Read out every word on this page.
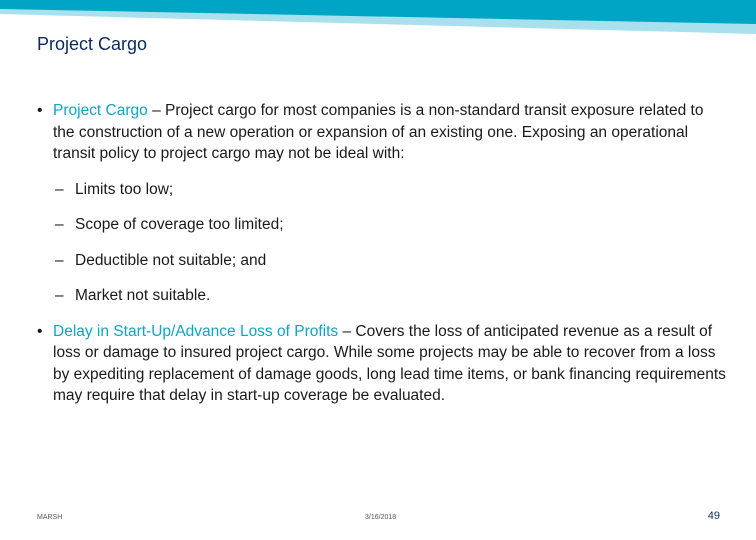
Project Cargo
• Project Cargo – Project cargo for most companies is a non-standard transit exposure related to the construction of a new operation or expansion of an existing one. Exposing an operational transit policy to project cargo may not be ideal with:
– Limits too low;
– Scope of coverage too limited;
– Deductible not suitable; and
– Market not suitable.
• Delay in Start-Up/Advance Loss of Profits – Covers the loss of anticipated revenue as a result of loss or damage to insured project cargo. While some projects may be able to recover from a loss by expediting replacement of damage goods, long lead time items, or bank financing requirements may require that delay in start-up coverage be evaluated.
MARSH	3/16/2018	49
